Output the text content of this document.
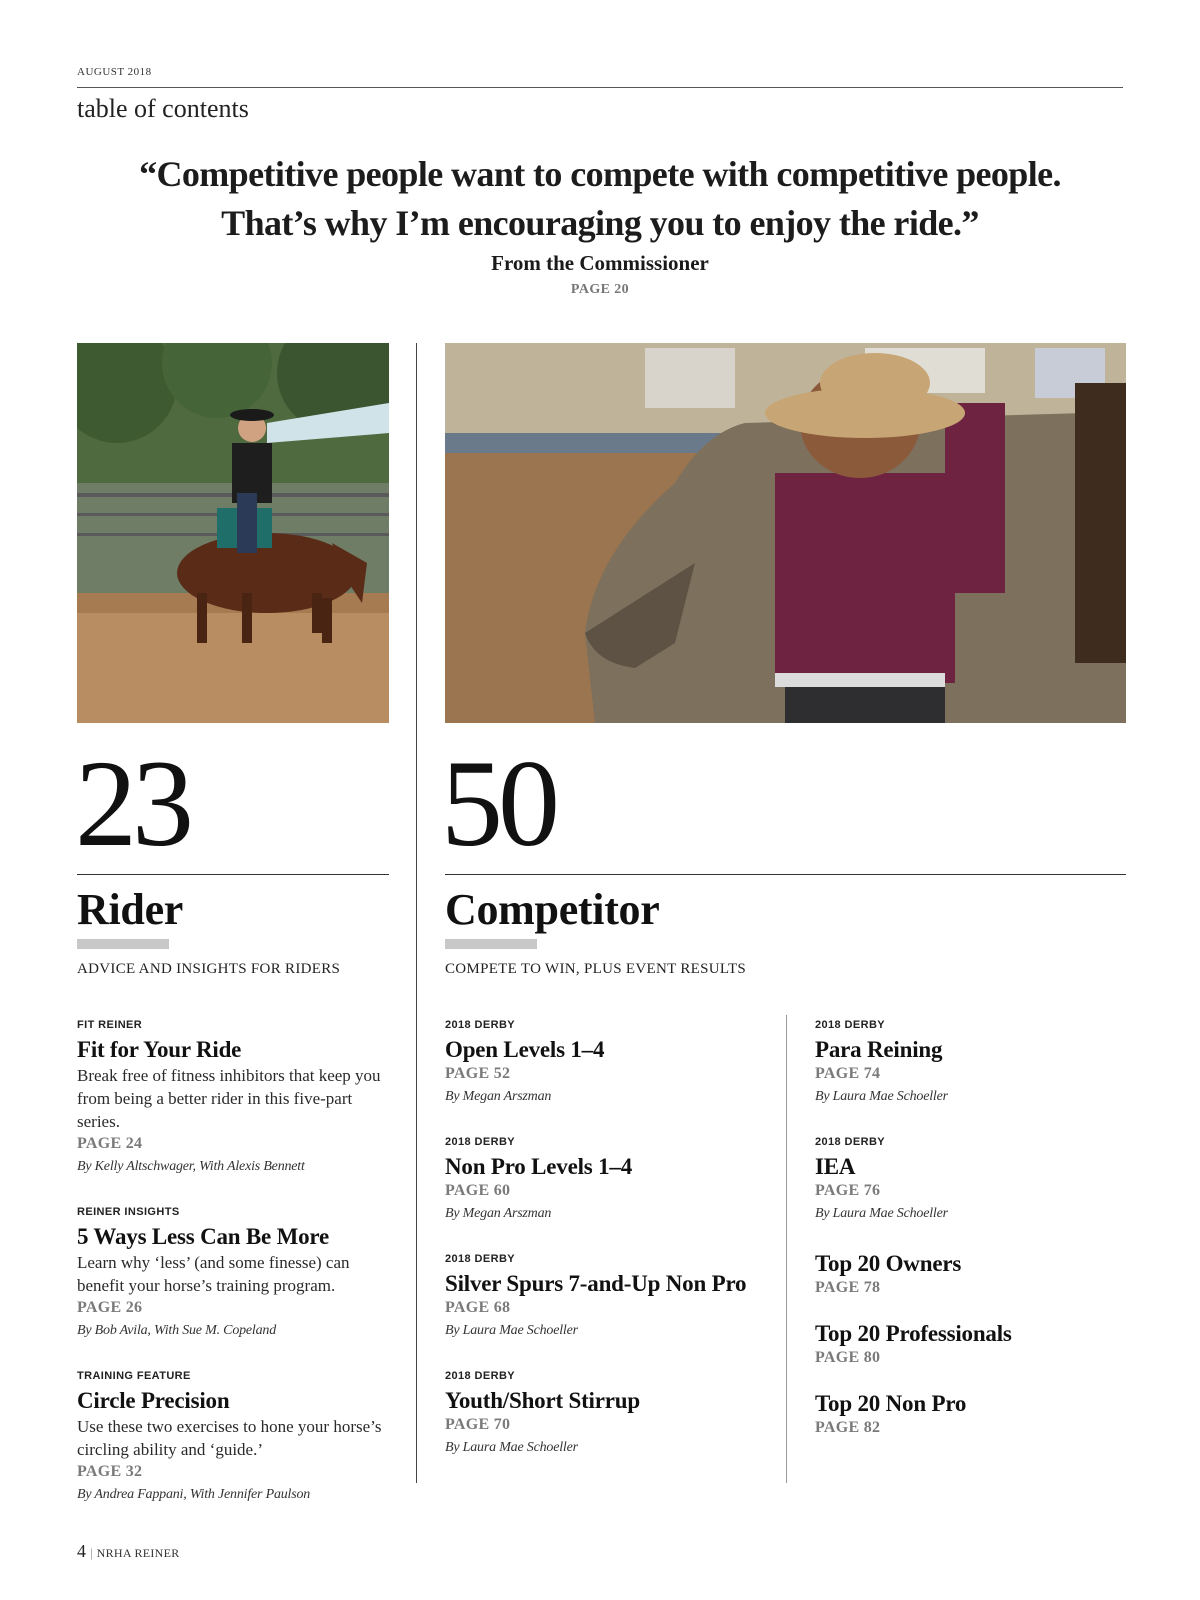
AUGUST 2018
table of contents
“Competitive people want to compete with competitive people. That’s why I’m encouraging you to enjoy the ride.”
From the Commissioner
PAGE 20
23
Rider
ADVICE AND INSIGHTS FOR RIDERS
FIT REINER
Fit for Your Ride
Break free of fitness inhibitors that keep you from being a better rider in this five-part series.
PAGE 24
By Kelly Altschwager, With Alexis Bennett
REINER INSIGHTS
5 Ways Less Can Be More
Learn why ‘less’ (and some finesse) can benefit your horse’s training program.
PAGE 26
By Bob Avila, With Sue M. Copeland
TRAINING FEATURE
Circle Precision
Use these two exercises to hone your horse’s circling ability and ‘guide.’
PAGE 32
By Andrea Fappani, With Jennifer Paulson
50
Competitor
COMPETE TO WIN, PLUS EVENT RESULTS
2018 DERBY
Open Levels 1–4
PAGE 52
By Megan Arszman
2018 DERBY
Non Pro Levels 1–4
PAGE 60
By Megan Arszman
2018 DERBY
Silver Spurs 7-and-Up Non Pro
PAGE 68
By Laura Mae Schoeller
2018 DERBY
Youth/Short Stirrup
PAGE 70
By Laura Mae Schoeller
2018 DERBY
Para Reining
PAGE 74
By Laura Mae Schoeller
2018 DERBY
IEA
PAGE 76
By Laura Mae Schoeller
Top 20 Owners
PAGE 78
Top 20 Professionals
PAGE 80
Top 20 Non Pro
PAGE 82
4 | NRHA REINER
